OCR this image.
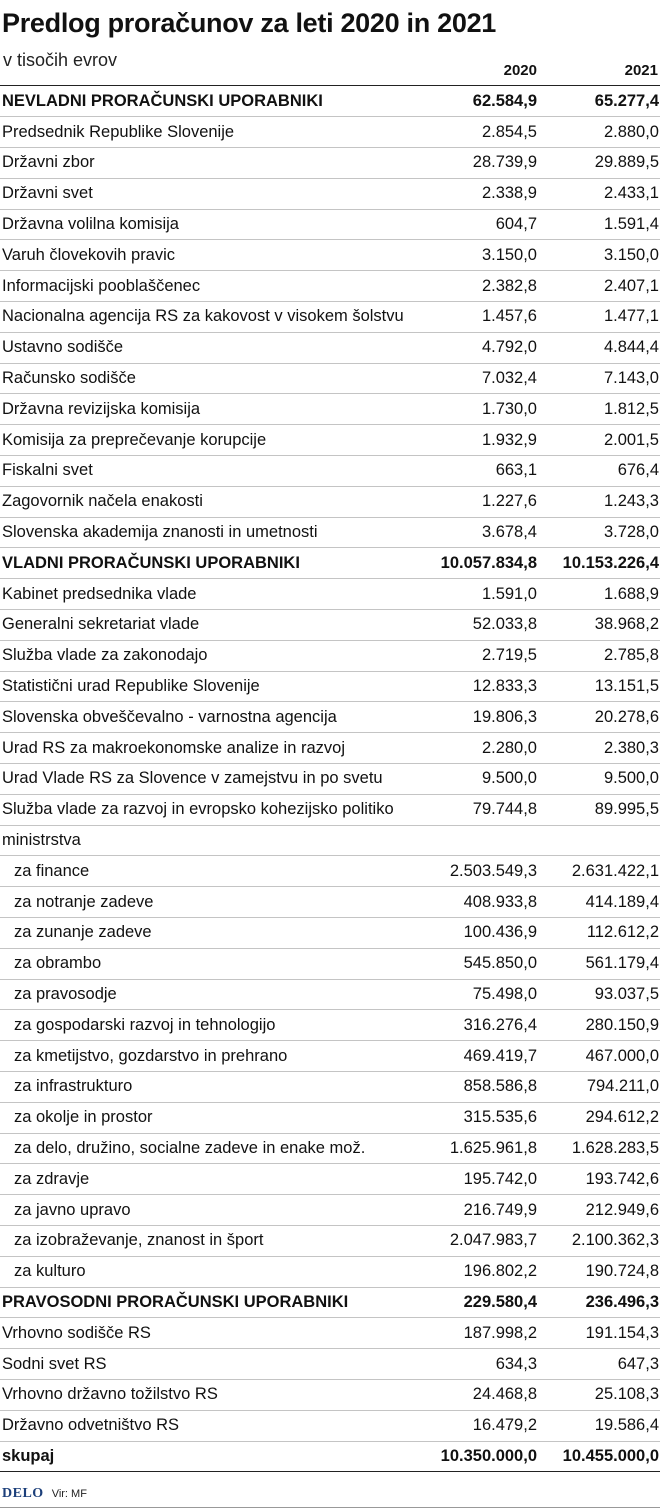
Predlog proračunov za leti 2020 in 2021
v tisočih evrov
2020	2021
NEVLADNI PRORAČUNSKI UPORABNIKI	62.584,9	65.277,4
Predsednik Republike Slovenije	2.854,5	2.880,0
Državni zbor	28.739,9	29.889,5
Državni svet	2.338,9	2.433,1
Državna volilna komisija	604,7	1.591,4
Varuh človekovih pravic	3.150,0	3.150,0
Informacijski pooblaščenec	2.382,8	2.407,1
Nacionalna agencija RS za kakovost v visokem šolstvu	1.457,6	1.477,1
Ustavno sodišče	4.792,0	4.844,4
Računsko sodišče	7.032,4	7.143,0
Državna revizijska komisija	1.730,0	1.812,5
Komisija za preprečevanje korupcije	1.932,9	2.001,5
Fiskalni svet	663,1	676,4
Zagovornik načela enakosti	1.227,6	1.243,3
Slovenska akademija znanosti in umetnosti	3.678,4	3.728,0
VLADNI PRORAČUNSKI UPORABNIKI	10.057.834,8	10.153.226,4
Kabinet predsednika vlade	1.591,0	1.688,9
Generalni sekretariat vlade	52.033,8	38.968,2
Služba vlade za zakonodajo	2.719,5	2.785,8
Statistični urad Republike Slovenije	12.833,3	13.151,5
Slovenska obveščevalno - varnostna agencija	19.806,3	20.278,6
Urad RS za makroekonomske analize in razvoj	2.280,0	2.380,3
Urad Vlade RS za Slovence v zamejstvu in po svetu	9.500,0	9.500,0
Služba vlade za razvoj in evropsko kohezijsko politiko	79.744,8	89.995,5
ministrstva		
za finance	2.503.549,3	2.631.422,1
za notranje zadeve	408.933,8	414.189,4
za zunanje zadeve	100.436,9	112.612,2
za obrambo	545.850,0	561.179,4
za pravosodje	75.498,0	93.037,5
za gospodarski razvoj in tehnologijo	316.276,4	280.150,9
za kmetijstvo, gozdarstvo in prehrano	469.419,7	467.000,0
za infrastrukturo	858.586,8	794.211,0
za okolje in prostor	315.535,6	294.612,2
za delo, družino, socialne zadeve in enake mož.	1.625.961,8	1.628.283,5
za zdravje	195.742,0	193.742,6
za javno upravo	216.749,9	212.949,6
za izobraževanje, znanost in šport	2.047.983,7	2.100.362,3
za kulturo	196.802,2	190.724,8
PRAVOSODNI PRORAČUNSKI UPORABNIKI	229.580,4	236.496,3
Vrhovno sodišče RS	187.998,2	191.154,3
Sodni svet RS	634,3	647,3
Vrhovno državno tožilstvo RS	24.468,8	25.108,3
Državno odvetništvo RS	16.479,2	19.586,4
skupaj	10.350.000,0	10.455.000,0
DELO Vir: MF
